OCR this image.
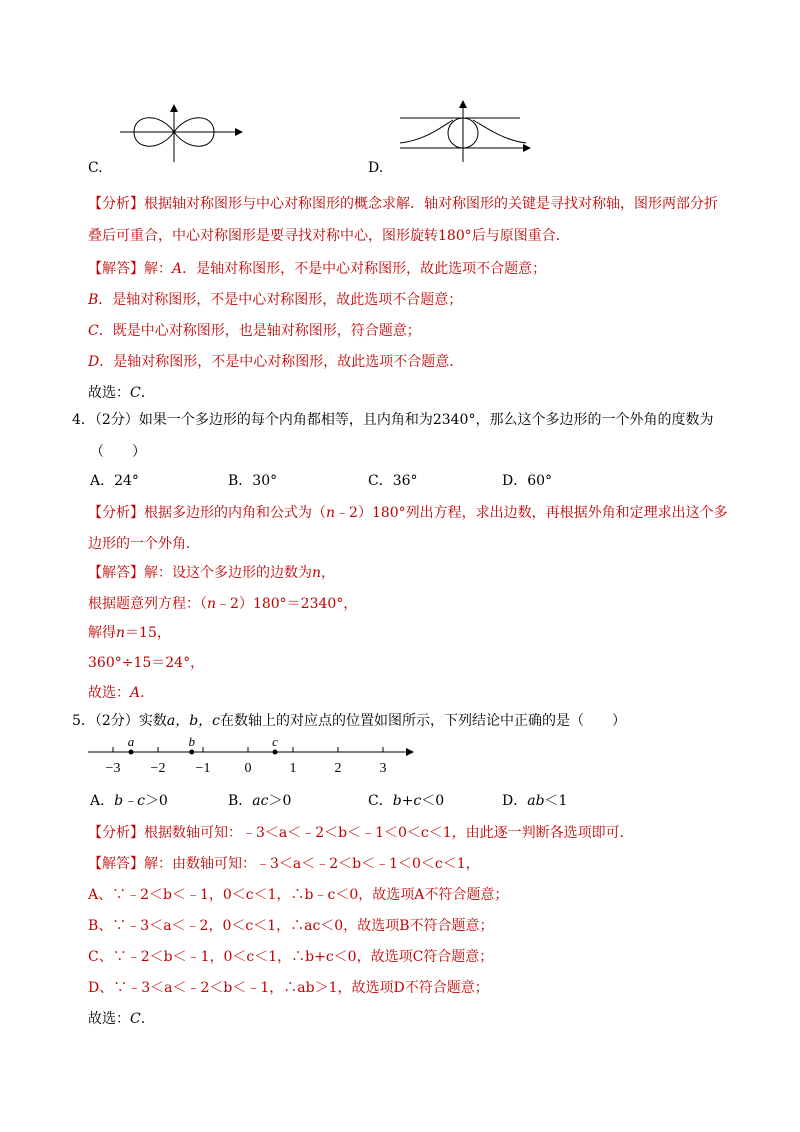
C.	D.
【分析】根据轴对称图形与中心对称图形的概念求解．轴对称图形的关键是寻找对称轴，图形两部分折
叠后可重合，中心对称图形是要寻找对称中心，图形旋转180°后与原图重合．
【解答】解：A．是轴对称图形，不是中心对称图形，故此选项不合题意；
B．是轴对称图形，不是中心对称图形，故此选项不合题意；
C．既是中心对称图形，也是轴对称图形，符合题意；
D．是轴对称图形，不是中心对称图形，故此选项不合题意．
故选：C．
4．（2分）如果一个多边形的每个内角都相等，且内角和为2340°，那么这个多边形的一个外角的度数为
（　　）
A．24°	B．30°	C．36°	D．60°
【分析】根据多边形的内角和公式为（n﹣2）180°列出方程，求出边数，再根据外角和定理求出这个多
边形的一个外角．
【解答】解：设这个多边形的边数为n，
根据题意列方程：（n﹣2）180°＝2340°，
解得n＝15，
360°÷15＝24°，
故选：A．
5．（2分）实数a，b，c在数轴上的对应点的位置如图所示，下列结论中正确的是（　　）
−3 −2 −1 0	1	2	3
a	b	c
A．b﹣c＞0	B．ac＞0	C．b+c＜0	D．ab＜1
【分析】根据数轴可知：﹣3＜a＜﹣2＜b＜﹣1＜0＜c＜1，由此逐一判断各选项即可．
【解答】解：由数轴可知：﹣3＜a＜﹣2＜b＜﹣1＜0＜c＜1，
A、∵﹣2＜b＜﹣1，0＜c＜1，∴b﹣c＜0，故选项A不符合题意；
B、∵﹣3＜a＜﹣2，0＜c＜1，∴ac＜0，故选项B不符合题意；
C、∵﹣2＜b＜﹣1，0＜c＜1，∴b+c＜0，故选项C符合题意；
D、∵﹣3＜a＜﹣2＜b＜﹣1，∴ab＞1，故选项D不符合题意；
故选：C．
